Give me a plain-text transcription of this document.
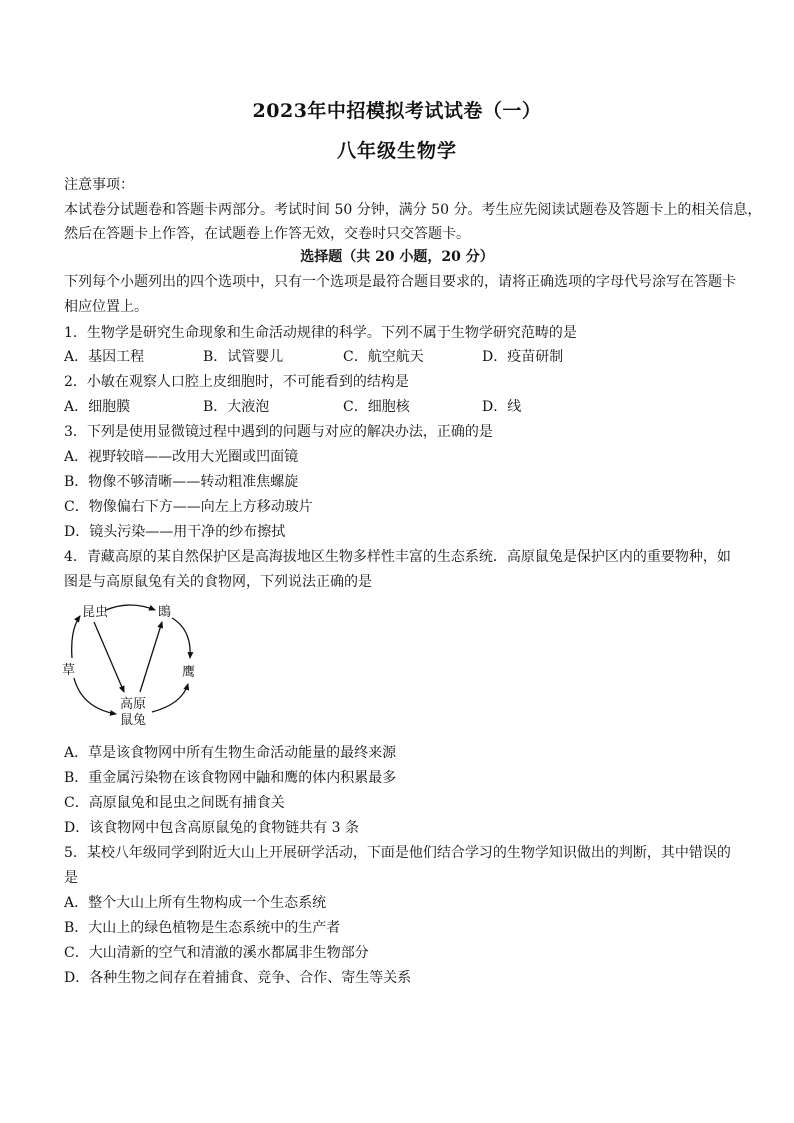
2023年中招模拟考试试卷（一）
八年级生物学
注意事项：
本试卷分试题卷和答题卡两部分。考试时间 50 分钟，满分 50 分。考生应先阅读试题卷及答题卡上的相关信息，
然后在答题卡上作答，在试题卷上作答无效，交卷时只交答题卡。
选择题（共 20 小题，20 分）
下列每个小题列出的四个选项中，只有一个选项是最符合题目要求的，请将正确选项的字母代号涂写在答题卡
相应位置上。
1．生物学是研究生命现象和生命活动规律的科学。下列不属于生物学研究范畴的是
A．基因工程	B．试管婴儿	C．航空航天	D．疫苗研制
2．小敏在观察人口腔上皮细胞时，不可能看到的结构是
A．细胞膜	B．大液泡	C．细胞核	D．线
3．下列是使用显微镜过程中遇到的问题与对应的解决办法，正确的是
A．视野较暗——改用大光圈或凹面镜
B．物像不够清晰——转动粗准焦螺旋
C．物像偏右下方——向左上方移动玻片
D．镜头污染——用干净的纱布擦拭
4．青藏高原的某自然保护区是高海拔地区生物多样性丰富的生态系统．高原鼠兔是保护区内的重要物种，如
图是与高原鼠兔有关的食物网，下列说法正确的是
昆虫	鵖
草	鹰
高原
鼠兔
A．草是该食物网中所有生物生命活动能量的最终来源
B．重金属污染物在该食物网中鼬和鹰的体内积累最多
C．高原鼠兔和昆虫之间既有捕食关
D．该食物网中包含高原鼠兔的食物链共有 3 条
5．某校八年级同学到附近大山上开展研学活动，下面是他们结合学习的生物学知识做出的判断，其中错误的
是
A．整个大山上所有生物构成一个生态系统
B．大山上的绿色植物是生态系统中的生产者
C．大山清新的空气和清澈的溪水都属非生物部分
D．各种生物之间存在着捕食、竞争、合作、寄生等关系
